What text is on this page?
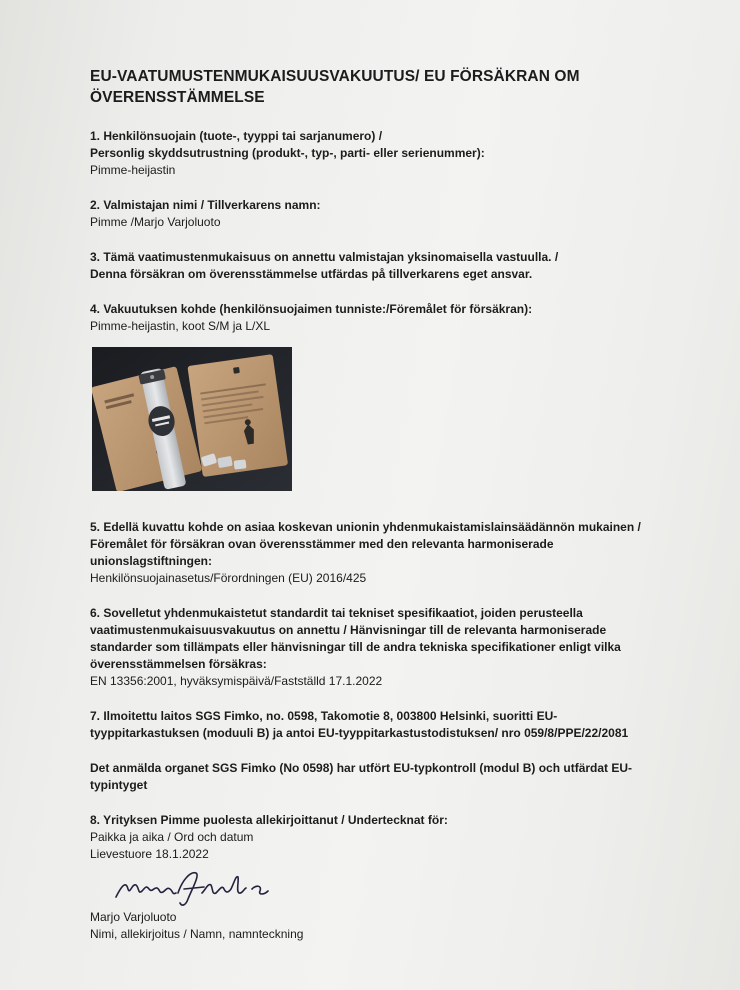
EU-VAATUMUSTENMUKAISUUSVAKUUTUS/ EU FÖRSÄKRAN OM ÖVERENSSTÄMMELSE
1. Henkilönsuojain (tuote-, tyyppi tai sarjanumero) /
Personlig skyddsutrustning (produkt-, typ-, parti- eller serienummer):
Pimme-heijastin
2. Valmistajan nimi / Tillverkarens namn:
Pimme /Marjo Varjoluoto
3. Tämä vaatimustenmukaisuus on annettu valmistajan yksinomaisella vastuulla. /
Denna försäkran om överensstämmelse utfärdas på tillverkarens eget ansvar.
4. Vakuutuksen kohde (henkilönsuojaimen tunniste:/Föremålet för försäkran):
Pimme-heijastin, koot S/M ja L/XL
5. Edellä kuvattu kohde on asiaa koskevan unionin yhdenmukaistamislainsäädännön mukainen /
Föremålet för försäkran ovan överensstämmer med den relevanta harmoniserade
unionslagstiftningen:
Henkilönsuojainasetus/Förordningen (EU) 2016/425
6. Sovelletut yhdenmukaistetut standardit tai tekniset spesifikaatiot, joiden perusteella
vaatimustenmukaisuusvakuutus on annettu / Hänvisningar till de relevanta harmoniserade
standarder som tillämpats eller hänvisningar till de andra tekniska specifikationer enligt vilka
överensstämmelsen försäkras:
EN 13356:2001, hyväksymispäivä/Fastställd 17.1.2022
7. Ilmoitettu laitos SGS Fimko, no. 0598, Takomotie 8, 003800 Helsinki, suoritti EU-
tyyppitarkastuksen (moduuli B) ja antoi EU-tyyppitarkastustodistuksen/ nro 059/8/PPE/22/2081
Det anmälda organet SGS Fimko (No 0598) har utfört EU-typkontroll (modul B) och utfärdat EU-
typintyget
8. Yrityksen Pimme puolesta allekirjoittanut / Undertecknat för:
Paikka ja aika / Ord och datum
Lievestuore 18.1.2022
Marjo Varjoluoto
Nimi, allekirjoitus / Namn, namnteckning
